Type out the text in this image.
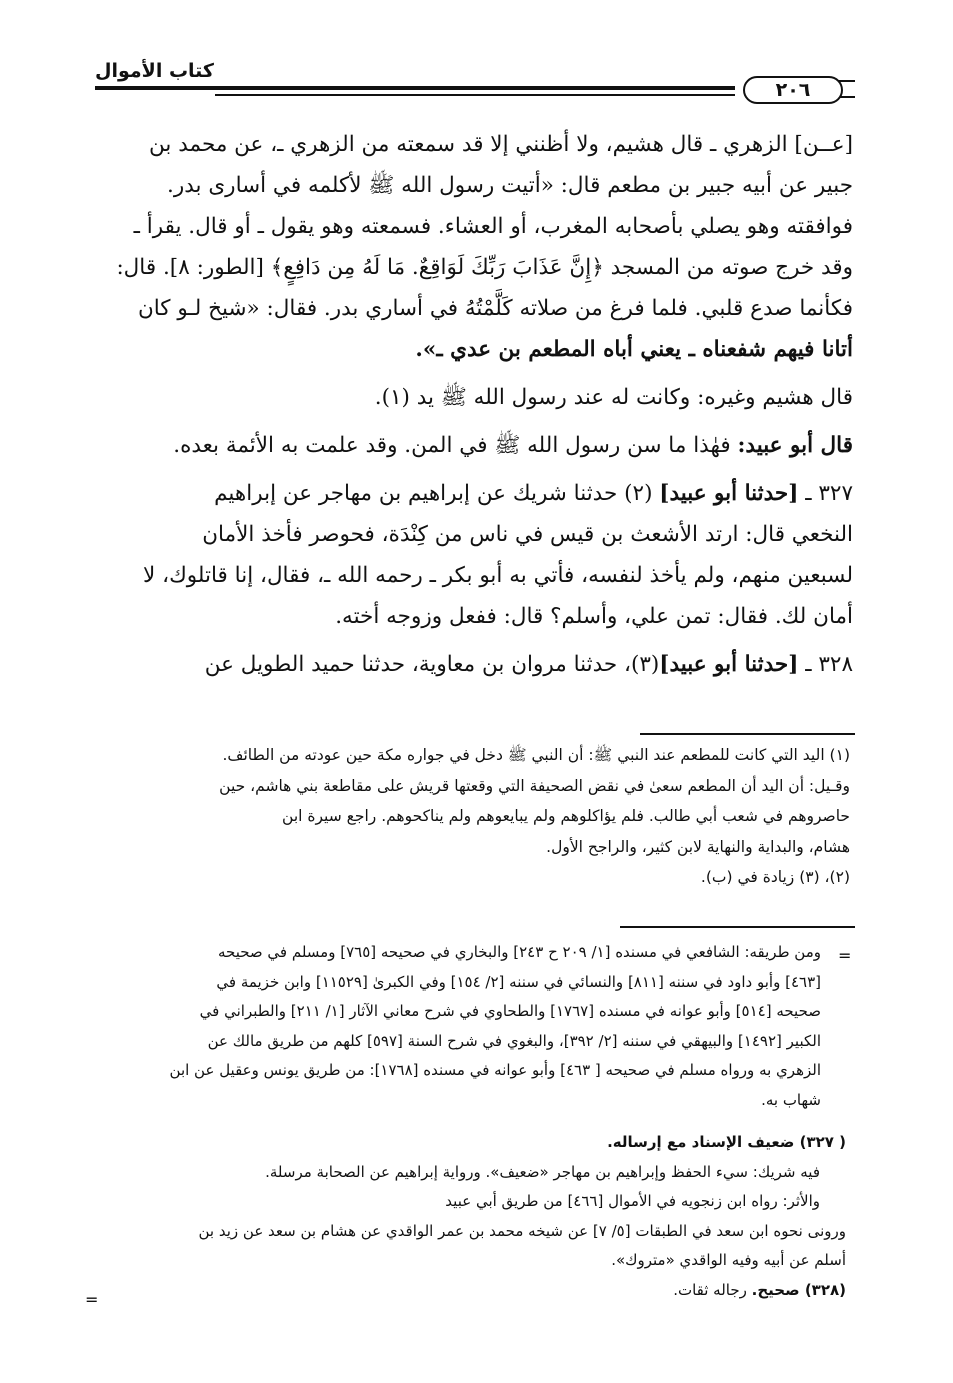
كتاب الأموال
٢٠٦

[عــن] الزهري ـ قال هشيم، ولا أظنني إلا قد سمعته من الزهري ـ، عن محمد بن

جبير عن أبيه جبير بن مطعم قال: «أتيت رسول الله ﷺ لأكلمه في أسارى بدر.

فوافقته وهو يصلي بأصحابه المغرب، أو العشاء. فسمعته وهو يقول ـ أو قال. يقرأ ـ

وقد خرج صوته من المسجد ﴿إِنَّ عَذَابَ رَبِّكَ لَوَاقِعٌ. مَا لَهُ مِن دَافِعٍ﴾ [الطور: ٨]. قال:

فكأنما صدع قلبي. فلما فرغ من صلاته كَلَّمْتُهُ في أساري بدر. فقال: «شيخ لـو كان

أتانا فيهم شفعناه ـ يعني أباه المطعم بن عدي ـ».

قال هشيم وغيره: وكانت له عند رسول الله ﷺ يد (١).

قال أبو عبيد: فهٰذا ما سن رسول الله ﷺ في المن. وقد علمت به الأئمة بعده.

٣٢٧ ـ [حدثنا أبو عبيد] (٢) حدثنا شريك عن إبراهيم بن مهاجر عن إبراهيم

النخعي قال: ارتد الأشعث بن قيس في ناس من كِنْدَة، فحوصر فأخذ الأمان

لسبعين منهم، ولم يأخذ لنفسه، فأتي به أبو بكر ـ رحمه الله ـ، فقال، إنا قاتلوك، لا

أمان لك. فقال: تمن علي، وأسلم؟ قال: ففعل وزوجه أخته.

٣٢٨ ـ [حدثنا أبو عبيد](٣)، حدثنا مروان بن معاوية، حدثنا حميد الطويل عن

(١) اليد التي كانت للمطعم عند النبي ﷺ: أن النبي ﷺ دخل في جواره مكة حين عودته من الطائف.

وقـيل: أن اليد أن المطعم سعىٰ في نقض الصحيفة التي وقعتها قريش على مقاطعة بني هاشم، حين

حاصروهم في شعب أبي طالب. فلم يؤاكلوهم ولم يبايعوهم ولم يناكحوهم. راجع سيرة ابن

هشام، والبداية والنهاية لابن كثير، والراجح الأول.

(٢)، (٣) زيادة في (ب).

=

ومن طريقه: الشافعي في مسنده [١/ ٢٠٩ ح ٢٤٣] والبخاري في صحيحه [٧٦٥] ومسلم في صحيحه

[٤٦٣] وأبو داود في سننه [٨١١] والنسائي في سننه [٢/ ١٥٤] وفي الكبرىٰ [١١٥٢٩] وابن خزيمة في

صحيحه [٥١٤] وأبو عوانه في مسنده [١٧٦٧] والطحاوي في شرح معاني الآثار [١/ ٢١١] والطبراني في

الكبير [١٤٩٢] والبيهقي في سننه [٢/ ٣٩٢]، والبغوي في شرح السنة [٥٩٧] كلهم من طريق مالك عن

الزهري به ورواه مسلم في صحيحه [ ٤٦٣] وأبو عوانه في مسنده [١٧٦٨]: من طريق يونس وعقيل عن ابن

شهاب به.

( ٣٢٧) ضعيف الإسناد مع إرساله.

فيه شريك: سيء الحفظ وإبراهيم بن مهاجر «ضعيف». ورواية إبراهيم عن الصحابة مرسلة.

والأثر: رواه ابن زنجويه في الأموال [٤٦٦] من طريق أبي عبيد

ورونى نحوه ابن سعد في الطبقات [٥/ ٧] عن شيخه محمد بن عمر الواقدي عن هشام بن سعد عن زيد بن

أسلم عن أبيه وفيه الواقدي «متروك».

(٣٢٨) صحيح. رجاله ثقات.

=
